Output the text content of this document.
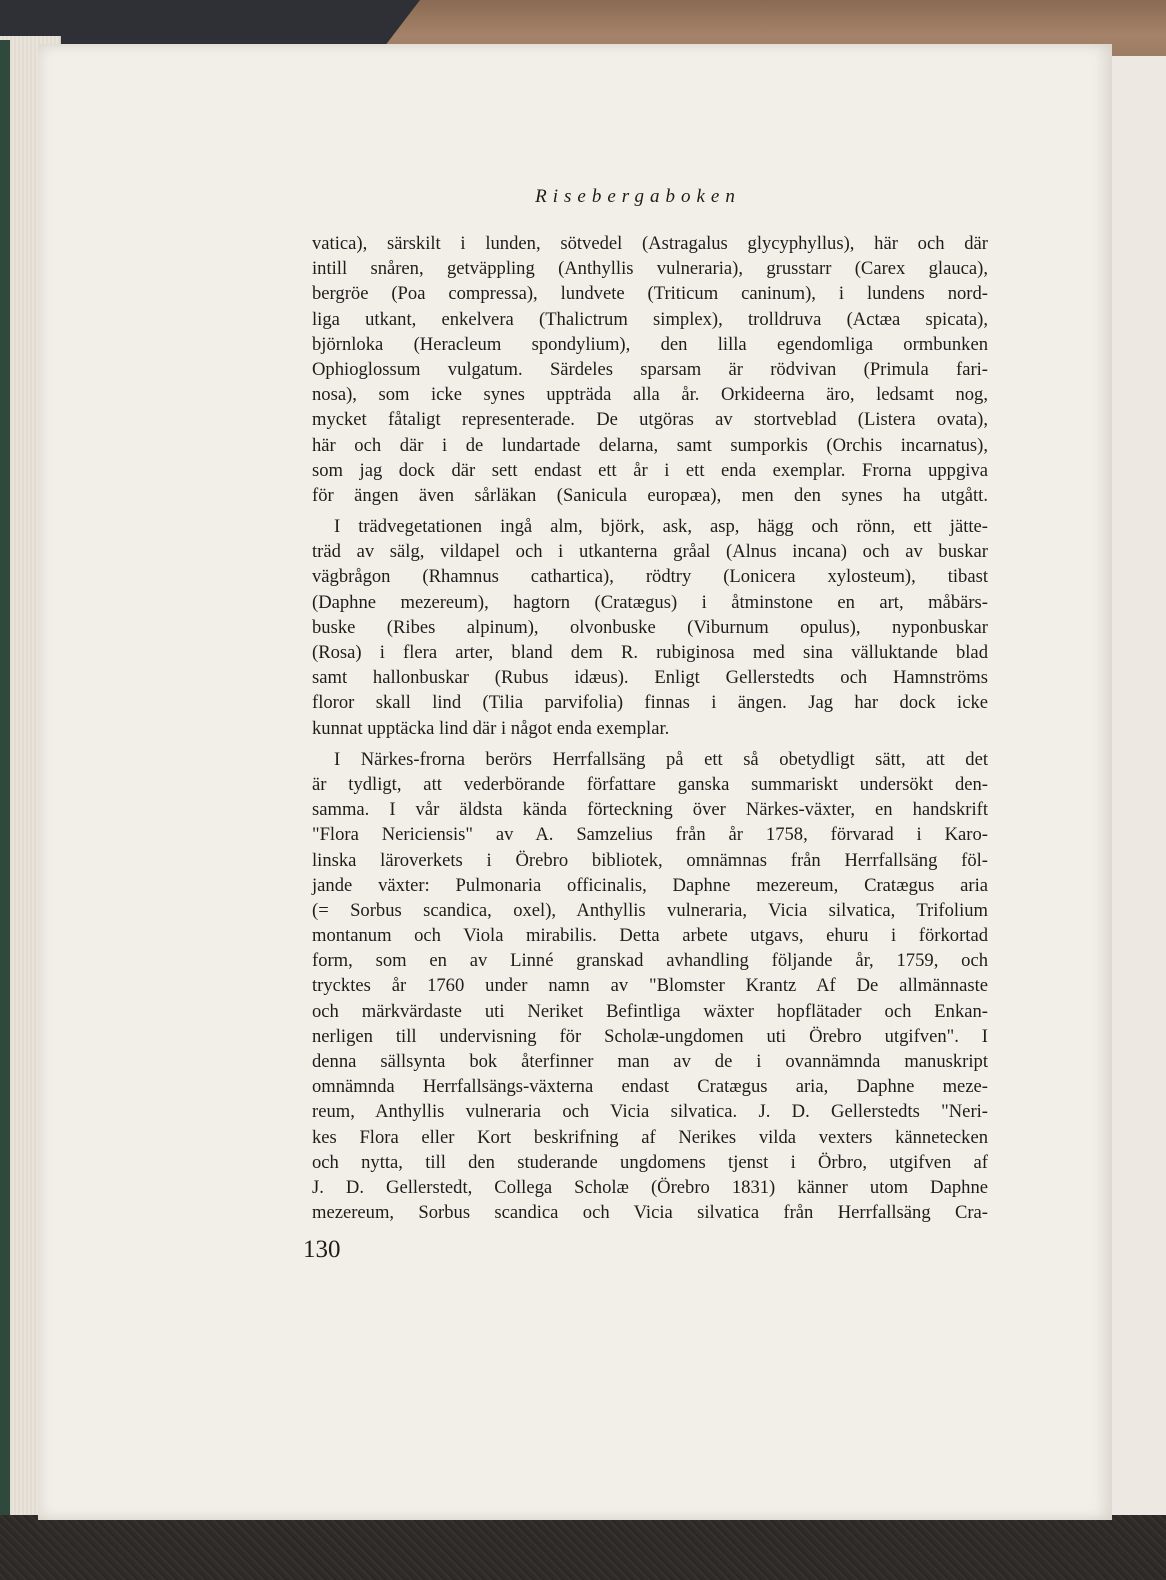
Risebergaboken
vatica), särskilt i lunden, sötvedel (Astragalus glycyphyllus), här och där
intill snåren, getväppling (Anthyllis vulneraria), grusstarr (Carex glauca),
bergröe (Poa compressa), lundvete (Triticum caninum), i lundens nord-
liga utkant, enkelvera (Thalictrum simplex), trolldruva (Actæa spicata),
björnloka (Heracleum spondylium), den lilla egendomliga ormbunken
Ophioglossum vulgatum. Särdeles sparsam är rödvivan (Primula fari-
nosa), som icke synes uppträda alla år. Orkideerna äro, ledsamt nog,
mycket fåtaligt representerade. De utgöras av stortveblad (Listera ovata),
här och där i de lundartade delarna, samt sumporkis (Orchis incarnatus),
som jag dock där sett endast ett år i ett enda exemplar. Frorna uppgiva
för ängen även sårläkan (Sanicula europæa), men den synes ha utgått.
I trädvegetationen ingå alm, björk, ask, asp, hägg och rönn, ett jätte-
träd av sälg, vildapel och i utkanterna gråal (Alnus incana) och av buskar
vägbrågon (Rhamnus cathartica), rödtry (Lonicera xylosteum), tibast
(Daphne mezereum), hagtorn (Cratægus) i åtminstone en art, måbärs-
buske (Ribes alpinum), olvonbuske (Viburnum opulus), nyponbuskar
(Rosa) i flera arter, bland dem R. rubiginosa med sina välluktande blad
samt hallonbuskar (Rubus idæus). Enligt Gellerstedts och Hamnströms
floror skall lind (Tilia parvifolia) finnas i ängen. Jag har dock icke
kunnat upptäcka lind där i något enda exemplar.
I Närkes-frorna berörs Herrfallsäng på ett så obetydligt sätt, att det
är tydligt, att vederbörande författare ganska summariskt undersökt den-
samma. I vår äldsta kända förteckning över Närkes-växter, en handskrift
"Flora Nericiensis" av A. Samzelius från år 1758, förvarad i Karo-
linska läroverkets i Örebro bibliotek, omnämnas från Herrfallsäng föl-
jande växter: Pulmonaria officinalis, Daphne mezereum, Cratægus aria
(= Sorbus scandica, oxel), Anthyllis vulneraria, Vicia silvatica, Trifolium
montanum och Viola mirabilis. Detta arbete utgavs, ehuru i förkortad
form, som en av Linné granskad avhandling följande år, 1759, och
trycktes år 1760 under namn av "Blomster Krantz Af De allmännaste
och märkvärdaste uti Neriket Befintliga wäxter hopflätader och Enkan-
nerligen till undervisning för Scholæ-ungdomen uti Örebro utgifven". I
denna sällsynta bok återfinner man av de i ovannämnda manuskript
omnämnda Herrfallsängs-växterna endast Cratægus aria, Daphne meze-
reum, Anthyllis vulneraria och Vicia silvatica. J. D. Gellerstedts "Neri-
kes Flora eller Kort beskrifning af Nerikes vilda vexters kännetecken
och nytta, till den studerande ungdomens tjenst i Örbro, utgifven af
J. D. Gellerstedt, Collega Scholæ (Örebro 1831) känner utom Daphne
mezereum, Sorbus scandica och Vicia silvatica från Herrfallsäng Cra-
130
